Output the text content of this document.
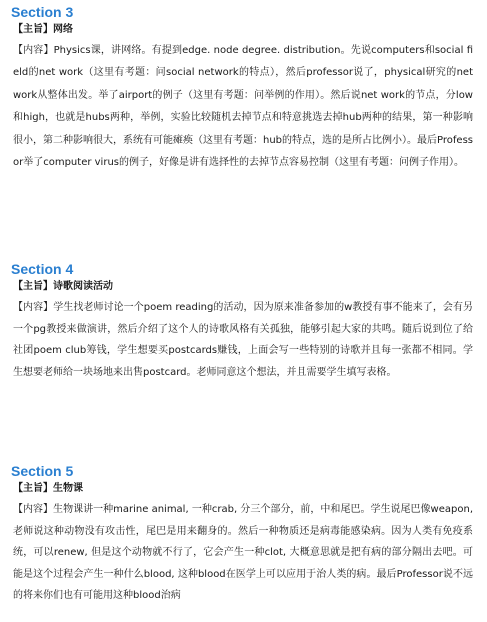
Section 3
【主旨】网络
【内容】Physics课，讲网络。有提到edge. node degree. distribution。先说computers和social field的net work（这里有考题：问social network的特点），然后professor说了，physical研究的net work从整体出发。举了airport的例子（这里有考题：问举例的作用）。然后说net work的节点，分low和high，也就是hubs两种，举例，实验比较随机去掉节点和特意挑选去掉hub两种的结果，第一种影响很小，第二种影响很大，系统有可能瘫痪（这里有考题：hub的特点，选的是所占比例小）。最后Professor举了computer virus的例子，好像是讲有选择性的去掉节点容易控制（这里有考题：问例子作用）。
Section 4
【主旨】诗歌阅读活动
【内容】学生找老师讨论一个poem reading的活动，因为原来准备参加的w教授有事不能来了，会有另一个pg教授来做演讲，然后介绍了这个人的诗歌风格有关孤独，能够引起大家的共鸣。随后说到位了给社团poem club筹钱，学生想要买postcards赚钱，上面会写一些特别的诗歌并且每一张都不相同。学生想要老师给一块场地来出售postcard。老师同意这个想法，并且需要学生填写表格。
Section 5
【主旨】生物课
【内容】生物课讲一种marine animal, 一种crab, 分三个部分，前，中和尾巴。学生说尾巴像weapon, 老师说这种动物没有攻击性，尾巴是用来翻身的。然后一种物质还是病毒能感染病。因为人类有免疫系统，可以renew, 但是这个动物就不行了，它会产生一种clot, 大概意思就是把有病的部分隔出去吧。可能是这个过程会产生一种什么blood, 这种blood在医学上可以应用于治人类的病。最后Professor说不远的将来你们也有可能用这种blood治病
